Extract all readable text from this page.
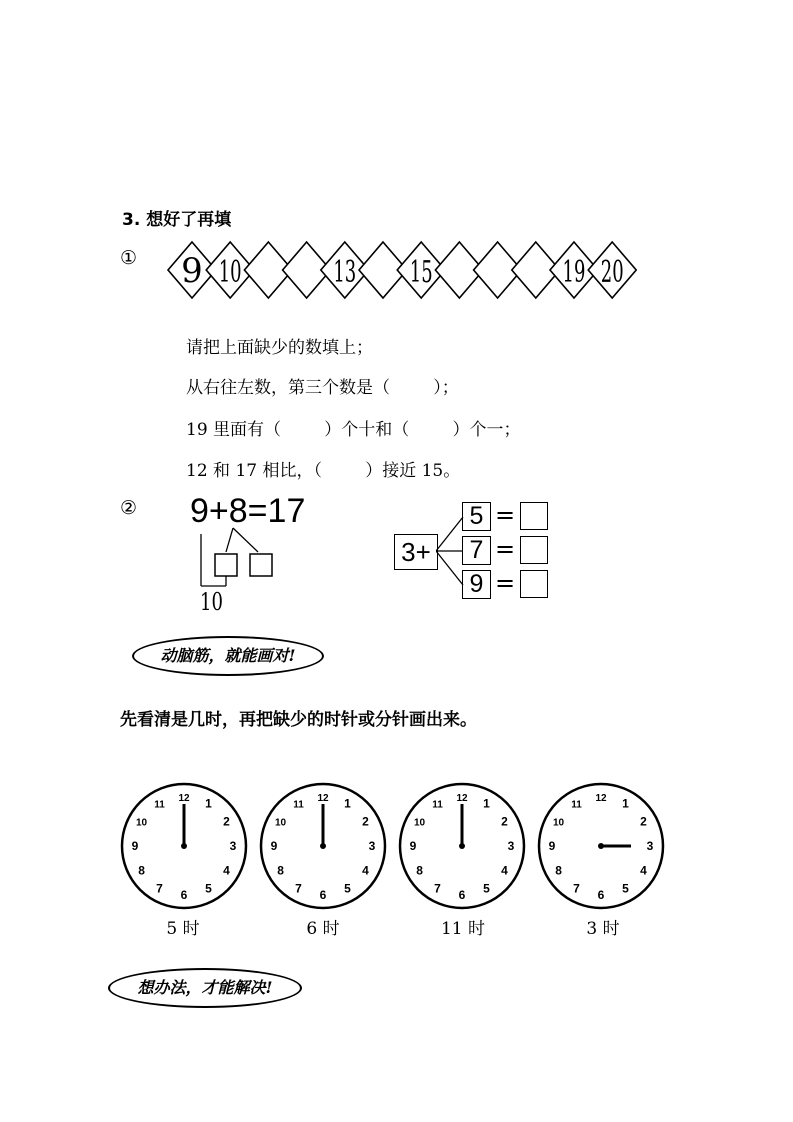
3. 想好了再填
① 9 10	13 15	19 20
请把上面缺少的数填上；
从右往左数，第三个数是（        ）；
19 里面有（        ）个十和（        ）个一；
12 和 17 相比，（        ）接近 15。
② 9+8=17
10
3+
5 =
7 =
9 =
动脑筋，就能画对!
先看清是几时，再把缺少的时针或分针画出来。
12 1
2
3
4
5
6
7
8
9
10
11
12 1
2
3
4
5
6
7
8
9
10
11
12 1
2
3
4
5
6
7
8
9
10
11
12 1
2
3
4
5
6
7
8
9
10
11
5 时	6 时	11 时	3 时
想办法，才能解决!
